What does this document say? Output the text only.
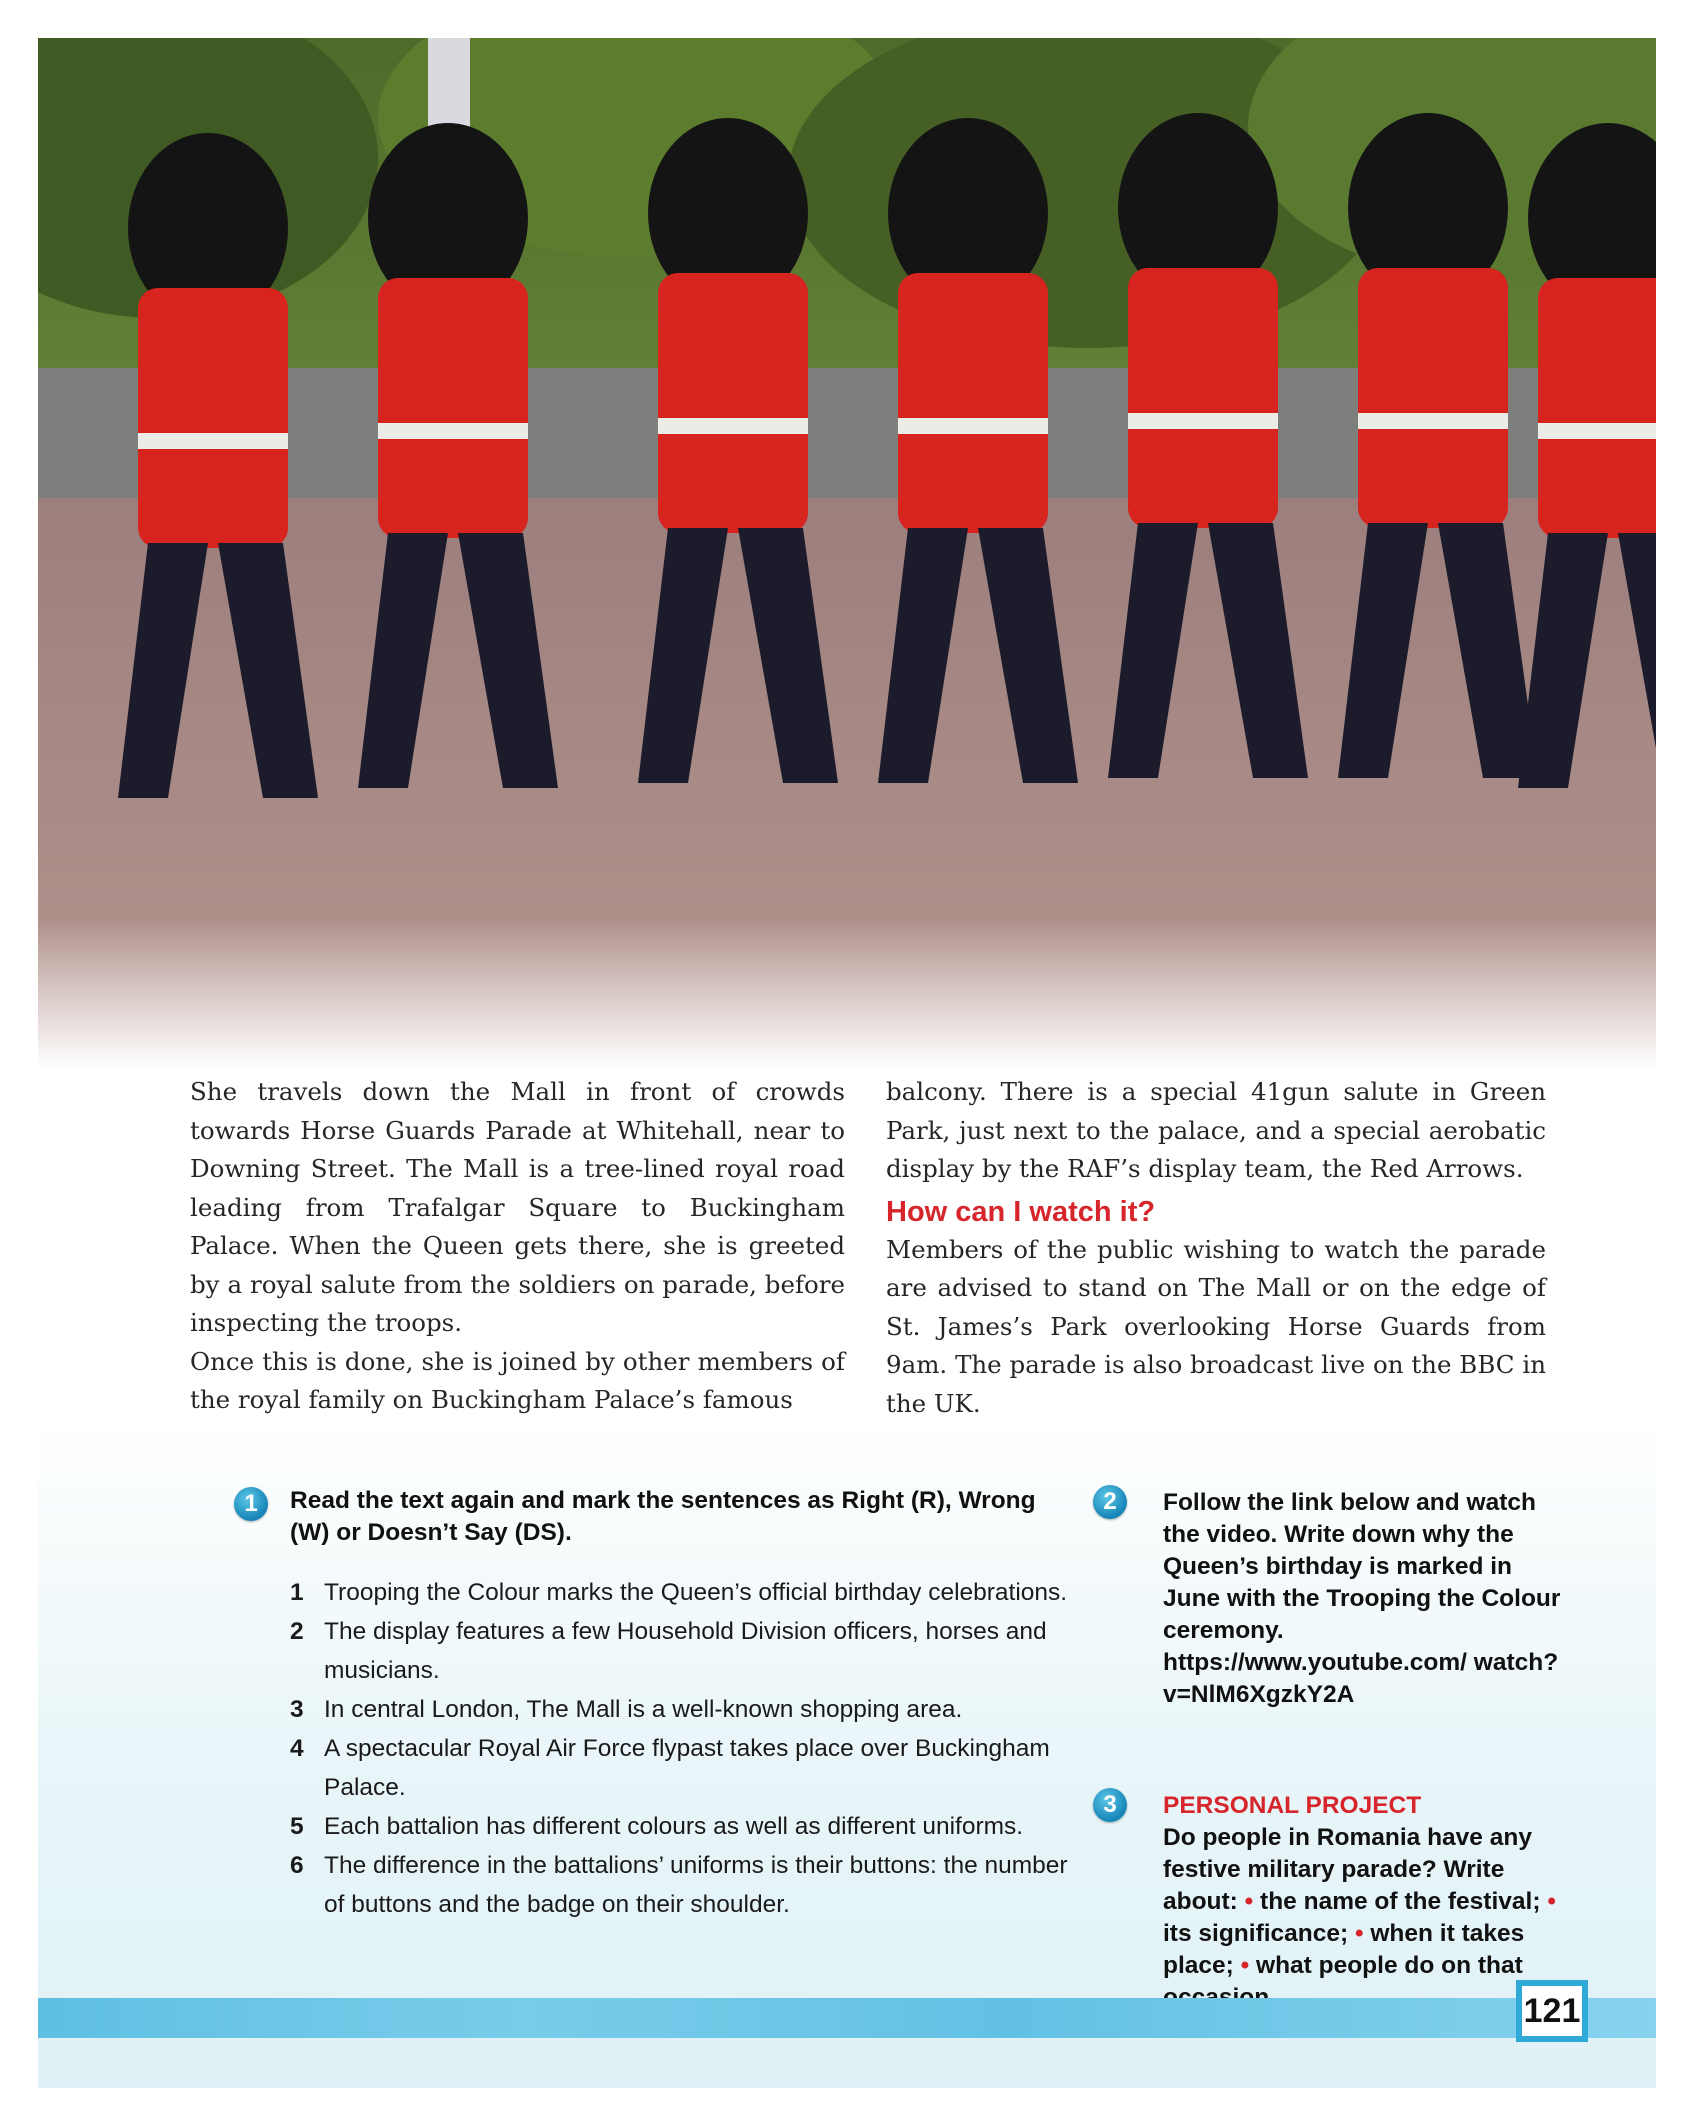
She travels down the Mall in front of crowds towards Horse Guards Parade at Whitehall, near to Downing Street. The Mall is a tree-lined royal road leading from Trafalgar Square to Buckingham Palace. When the Queen gets there, she is greeted by a royal salute from the soldiers on parade, before inspecting the troops.

Once this is done, she is joined by other members of the royal family on Buckingham Palace’s famous

balcony. There is a special 41gun salute in Green Park, just next to the palace, and a special aerobatic display by the RAF’s display team, the Red Arrows.

How can I watch it?

Members of the public wishing to watch the parade are advised to stand on The Mall or on the edge of St. James’s Park overlooking Horse Guards from 9am. The parade is also broadcast live on the BBC in the UK.

1	Read the text again and mark the sentences as Right (R), Wrong (W) or Doesn’t Say (DS).
1 Trooping the Colour marks the Queen’s official birthday celebrations.
2 The display features a few Household Division officers, horses and musicians.
3 In central London, The Mall is a well-known shopping area.
4 A spectacular Royal Air Force flypast takes place over Buckingham Palace.
5 Each battalion has different colours as well as different uniforms.
6 The difference in the battalions’ uniforms is their buttons: the number of buttons and the badge on their shoulder.
2	Follow the link below and watch the video. Write down why the Queen’s birthday is marked in June with the Trooping the Colour ceremony. https://www.youtube.com/ watch?v=NlM6XgzkY2A
3	PERSONAL PROJECT
Do people in Romania have any festive military parade? Write about: • the name of the festival; • its significance; • when it takes place; • what people do on that
121
